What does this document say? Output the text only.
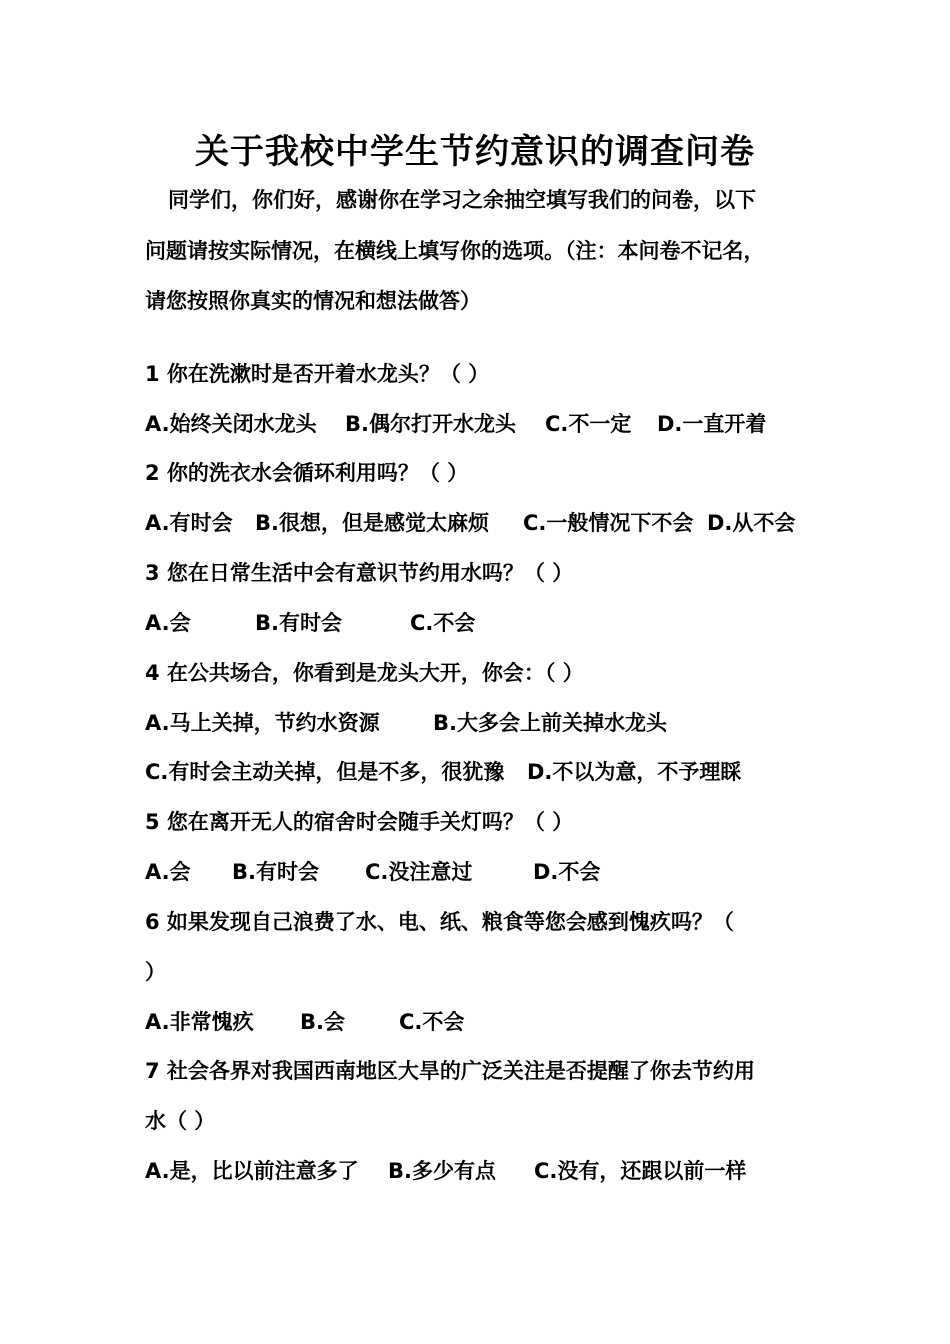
关于我校中学生节约意识的调查问卷
同学们，你们好，感谢你在学习之余抽空填写我们的问卷，以下
问题请按实际情况，在横线上填写你的选项。（注：本问卷不记名，
请您按照你真实的情况和想法做答）
1 你在洗漱时是否开着水龙头？（ ）
A.始终关闭水龙头 B.偶尔打开水龙头 C.不一定 D.一直开着
2 你的洗衣水会循环利用吗？（ ）
A.有时会 B.很想，但是感觉太麻烦 C.一般情况下不会 D.从不会
3 您在日常生活中会有意识节约用水吗？（ ）
A.会	B.有时会	C.不会
4 在公共场合，你看到是龙头大开，你会：（ ）
A.马上关掉，节约水资源	B.大多会上前关掉水龙头
C.有时会主动关掉，但是不多，很犹豫 D.不以为意，不予理睬
5 您在离开无人的宿舍时会随手关灯吗？（ ）
A.会 B.有时会 C.没注意过	D.不会
6 如果发现自己浪费了水、电、纸、粮食等您会感到愧疚吗？（
）
A.非常愧疚 B.会	C.不会
7 社会各界对我国西南地区大旱的广泛关注是否提醒了你去节约用
水（ ）
A.是，比以前注意多了 B.多少有点 C.没有，还跟以前一样
